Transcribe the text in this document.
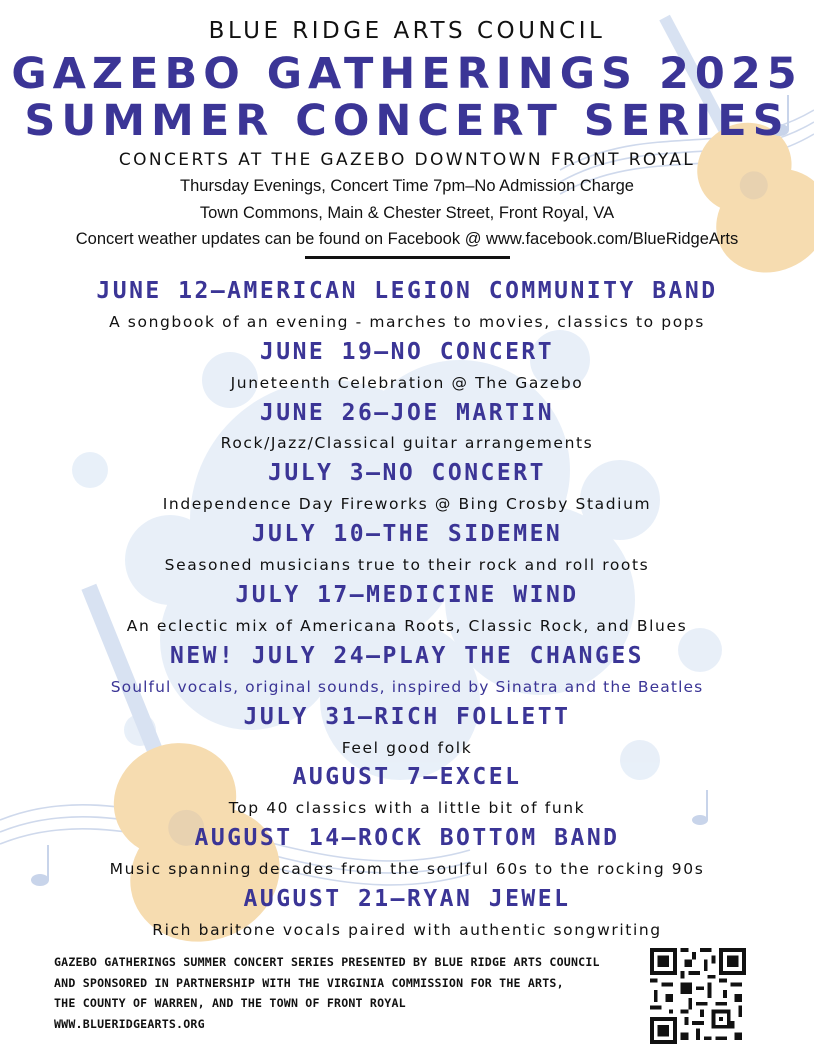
BLUE RIDGE ARTS COUNCIL
GAZEBO GATHERINGS 2025
SUMMER CONCERT SERIES
CONCERTS AT THE GAZEBO DOWNTOWN FRONT ROYAL
Thursday Evenings, Concert Time 7pm–No Admission Charge
Town Commons, Main & Chester Street, Front Royal, VA
Concert weather updates can be found on Facebook @ www.facebook.com/BlueRidgeArts
JUNE 12—AMERICAN LEGION COMMUNITY BAND
A songbook of an evening - marches to movies, classics to pops
JUNE 19—NO CONCERT
Juneteenth Celebration @ The Gazebo
JUNE 26—JOE MARTIN
Rock/Jazz/Classical guitar arrangements
JULY 3—NO CONCERT
Independence Day Fireworks @ Bing Crosby Stadium
JULY 10—THE SIDEMEN
Seasoned musicians true to their rock and roll roots
JULY 17—MEDICINE WIND
An eclectic mix of Americana Roots, Classic Rock, and Blues
NEW! JULY 24—PLAY THE CHANGES
Soulful vocals, original sounds, inspired by Sinatra and the Beatles
JULY 31—RICH FOLLETT
Feel good folk
AUGUST 7—EXCEL
Top 40 classics with a little bit of funk
AUGUST 14—ROCK BOTTOM BAND
Music spanning decades from the soulful 60s to the rocking 90s
AUGUST 21—RYAN JEWEL
Rich baritone vocals paired with authentic songwriting
GAZEBO GATHERINGS SUMMER CONCERT SERIES PRESENTED BY BLUE RIDGE ARTS COUNCIL
AND SPONSORED IN PARTNERSHIP WITH THE VIRGINIA COMMISSION FOR THE ARTS,
THE COUNTY OF WARREN, AND THE TOWN OF FRONT ROYAL
WWW.BLUERIDGEARTS.ORG
